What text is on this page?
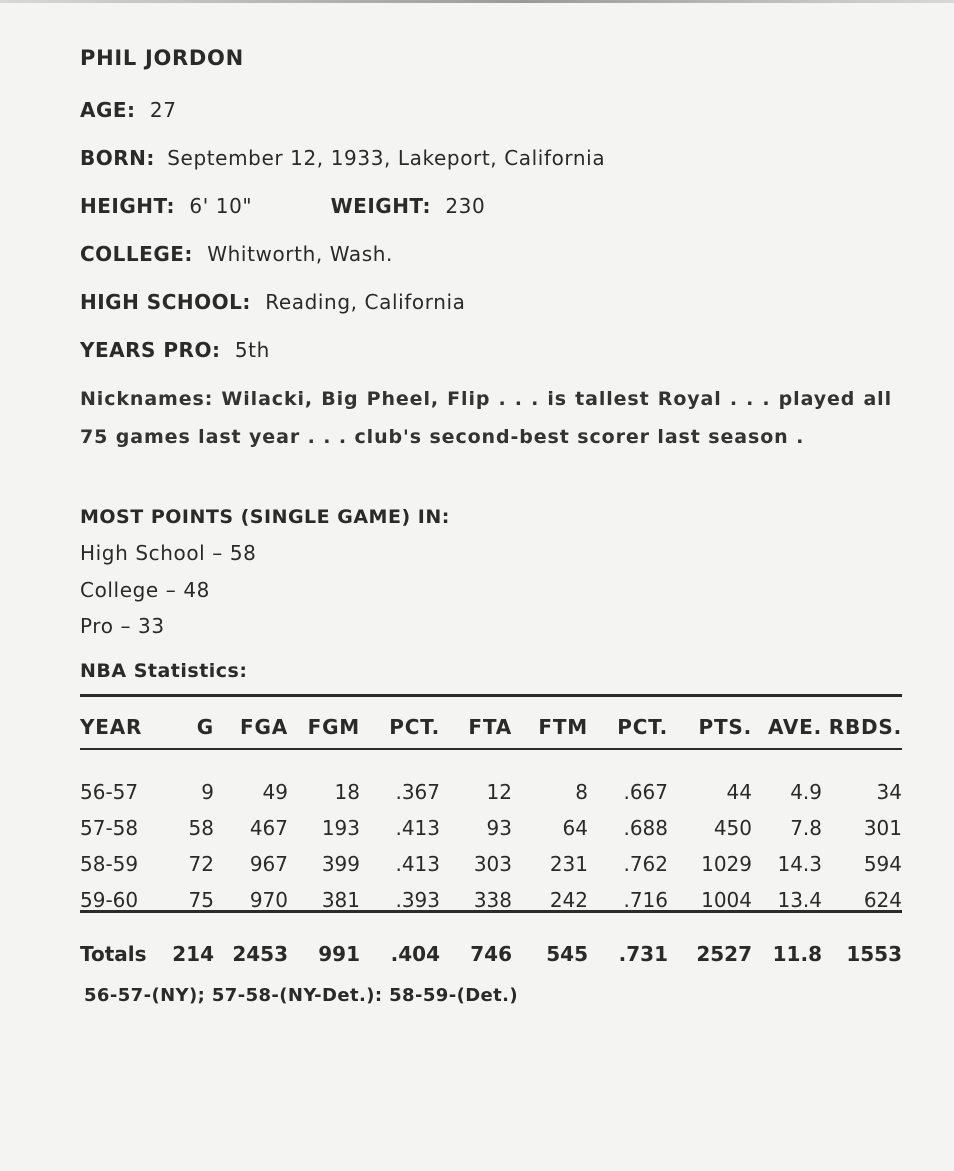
PHIL JORDON
AGE: 27
BORN: September 12, 1933, Lakeport, California
HEIGHT: 6' 10"	WEIGHT: 230
COLLEGE: Whitworth, Wash.
HIGH SCHOOL: Reading, California
YEARS PRO: 5th
Nicknames: Wilacki, Big Pheel, Flip . . . is tallest Royal . . . played all 75 games last year . . . club's second-best scorer last season .
MOST POINTS (SINGLE GAME) IN:
High School – 58
College – 48
Pro – 33
NBA Statistics:
YEAR	G	FGA	FGM	PCT.	FTA	FTM	PCT.	PTS.	AVE.	RBDS.
56-57	9	49	18	.367	12	8	.667	44	4.9	34
57-58	58	467	193	.413	93	64	.688	450	7.8	301
58-59	72	967	399	.413	303	231	.762	1029	14.3	594
59-60	75	970	381	.393	338	242	.716	1004	13.4	624
Totals	214	2453	991	.404	746	545	.731	2527	11.8	1553
56-57-(NY); 57-58-(NY-Det.): 58-59-(Det.)
